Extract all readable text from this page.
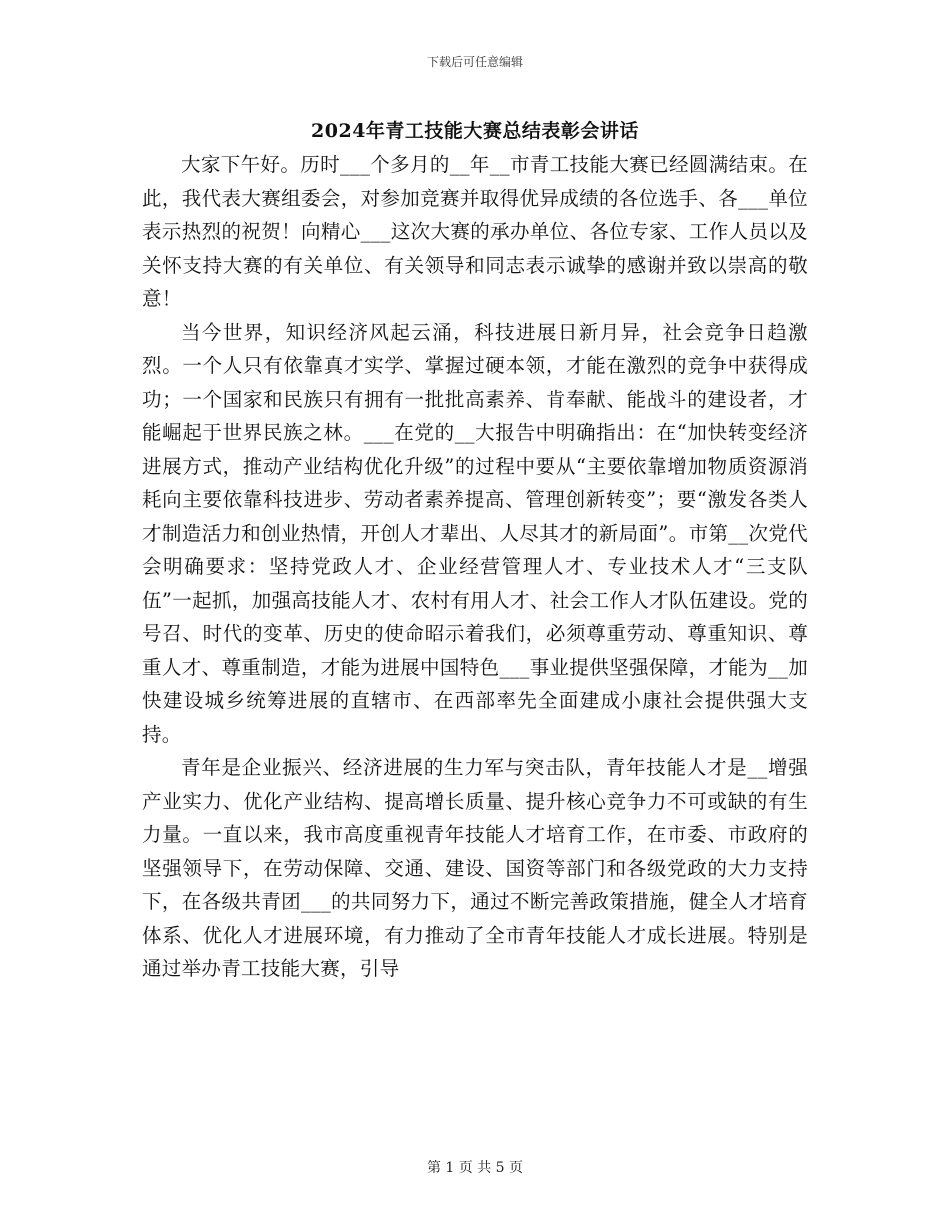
下载后可任意编辑
2024年青工技能大赛总结表彰会讲话

大家下午好。历时___个多月的__年__市青工技能大赛已经圆满结束。在此，我代表大赛组委会，对参加竞赛并取得优异成绩的各位选手、各___单位表示热烈的祝贺！向精心___这次大赛的承办单位、各位专家、工作人员以及关怀支持大赛的有关单位、有关领导和同志表示诚挚的感谢并致以崇高的敬意！

当今世界，知识经济风起云涌，科技进展日新月异，社会竞争日趋激烈。一个人只有依靠真才实学、掌握过硬本领，才能在激烈的竞争中获得成功；一个国家和民族只有拥有一批批高素养、肯奉献、能战斗的建设者，才能崛起于世界民族之林。___在党的__大报告中明确指出：在“加快转变经济进展方式，推动产业结构优化升级”的过程中要从“主要依靠增加物质资源消耗向主要依靠科技进步、劳动者素养提高、管理创新转变”；要“激发各类人才制造活力和创业热情，开创人才辈出、人尽其才的新局面”。市第__次党代会明确要求：坚持党政人才、企业经营管理人才、专业技术人才“三支队伍”一起抓，加强高技能人才、农村有用人才、社会工作人才队伍建设。党的号召、时代的变革、历史的使命昭示着我们，必须尊重劳动、尊重知识、尊重人才、尊重制造，才能为进展中国特色___事业提供坚强保障，才能为__加快建设城乡统筹进展的直辖市、在西部率先全面建成小康社会提供强大支持。

青年是企业振兴、经济进展的生力军与突击队，青年技能人才是__增强产业实力、优化产业结构、提高增长质量、提升核心竞争力不可或缺的有生力量。一直以来，我市高度重视青年技能人才培育工作，在市委、市政府的坚强领导下，在劳动保障、交通、建设、国资等部门和各级党政的大力支持下，在各级共青团___的共同努力下，通过不断完善政策措施，健全人才培育体系、优化人才进展环境，有力推动了全市青年技能人才成长进展。特别是通过举办青工技能大赛，引导

第 1 页 共 5 页
